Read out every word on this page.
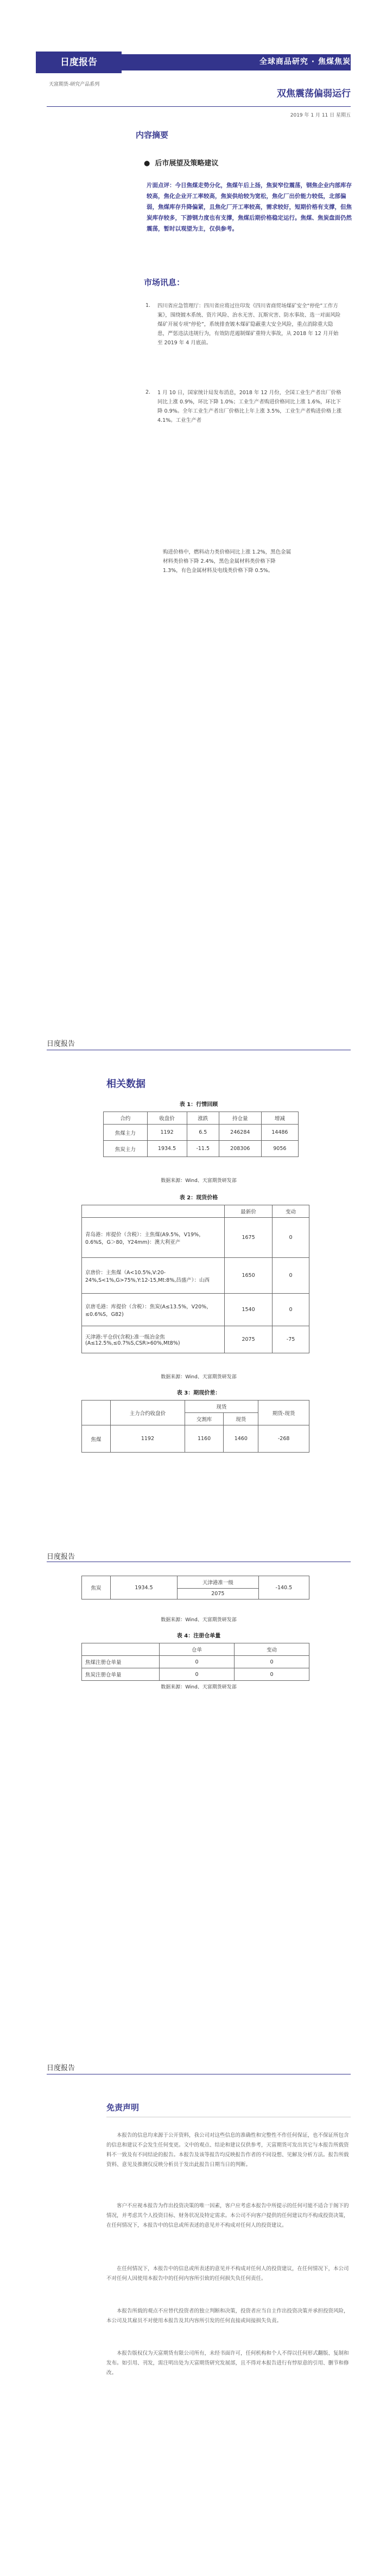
日度报告	全球商品研究 · 焦煤焦炭
天富期货-研究产品系列
双焦震荡偏弱运行
2019 年 1 月 11 日 星期五
内容摘要
● 后市展望及策略建议
片面点评：今日焦煤走势分化，焦煤午后上扬，焦炭窄位震荡，钢焦企业内部库存较高，焦化企业开工率较高，焦炭供给较为宽松，焦化厂出价能力较低，北部偏弱，焦煤库存升降偏紧，且焦化厂开工率较高，需求较好，短期价格有支撑，但焦炭库存较多，下游钢力度也有支撑，焦煤后期价格稳定运行。焦煤、焦炭盘面仍然震荡，暂时以观望为主，仅供参考。
市场讯息：
1. 四川省应急管理厅：四川省应将过往印发《四川省商贸场煤矿安全“停伦”工作方案》，围绕镀木系统、资片风险、治水无害、瓦斯灾害、防水事故、选一对面风险煤矿开展专项“停伦”，系统排查镀木煤矿隐蔽重大安全风险，重点消除重大隐患，严惩违法违规行为，有效防范遏制煤矿重特大事故，从 2018 年 12 月开始至 2019 年 4 月底前。
2. 1 月 10 日，国家统计局发布消息，2018 年 12 月份，全国工业生产者出厂价格同比上涨 0.9%，环比下降 1.0%；工业生产者购进价格同比上涨 1.6%，环比下降 0.9%。全年工业生产者出厂价格比上年上涨 3.5%，工业生产者购进价格上涨 4.1%。工业生产者
购进价格中，燃料动力类价格同比上涨 1.2%，黑色金属材料类价格下降 2.4%，黑色金属材料类价格下降 1.3%，有色金属材料及电线类价格下降 0.5%。
日度报告
相关数据
表 1：行情回顾
合约	收盘价	涨跌	持仓量	增减
焦煤主力	1192	6.5	246284	14486
焦炭主力	1934.5	-11.5	208306	9056
数据来源：Wind、天富期货研发部
表 2：现货价格
	最新价	变动
青岛港：库提价（含税）：主焦煤(A9.5%，V19%，0.6%S，G＞80，Y24mm)：澳大利亚产	1675	0
京唐价：主焦煤（A<10.5%,V:20-24%,S<1%,G>75%,Y:12-15,Mt:8%,昌盛产）：山西	1650	0
京唐毛港：库提价（含税）：焦炭(A≤13.5%，V20%，≤0.6%S，G82)	1540	0
天津港:平仓价(含税):准一级冶金焦(A≤12.5%,≤0.7%S,CSR>60%,Mt8%)	2075	-75
数据来源：Wind、天富期货研发部
表 3：期现价差：
	主力合约收盘价	现货		期货-现货
		交割库	现货	
焦煤	1192	1160	1460	-268
日度报告
焦炭	1934.5	天津港准一级	-140.5
2075
数据来源：Wind、天富期货研发部
表 4：注册仓单量
	仓单	变动
焦煤注册仓单量	0	0
焦炭注册仓单量	0	0
数据来源：Wind、天富期货研发部
日度报告
免责声明
本报告的信息均来源于公开资料，我公司对这些信息的准确性和完整性不作任何保证，也不保证所包含的信息和建议不会发生任何变更。文中的观点、结论和建议仅供参考，天富期货可发出其它与本报告所载资料不一致及有不同结论的报告。本报告及该等报告均反映报告作者的不同设想、见解及分析方法。报告所载资料、意见及推测仅反映分析员于发出此报告日期当日的判断。
客户不应视本报告为作出投资决策的唯一因素，客户应考虑本报告中所提示的任何可能不适合于阁下的情况，并考虑其个人投资目标、财务状况及特定需求。本公司不向客户提供的任何建议均不构成投资决策，在任何情况下，本报告中的信息或所表述的意见并不构成对任何人的投资建议。
在任何情况下，本报告中的信息或所表述的意见并不构成对任何人的投资建议，在任何情况下，本公司不对任何人因使用本报告中的任何内容所引致的任何损失负任何责任。
本报告所载的观点不应替代投资者的独立判断和决策，投资者应当自主作出投资决策并承担投资风险，本公司及其雇员不对使用本报告及其内容所引发的任何直接或间接损失负责。
本报告版权仅为天富期货有限公司所有，未经书面许可，任何机构和个人不得以任何形式翻版、复制和发布。如引用、刊发，需注明出处为天富期货研究发展部，且不得对本报告进行有悖原意的引用、删节和修改。
